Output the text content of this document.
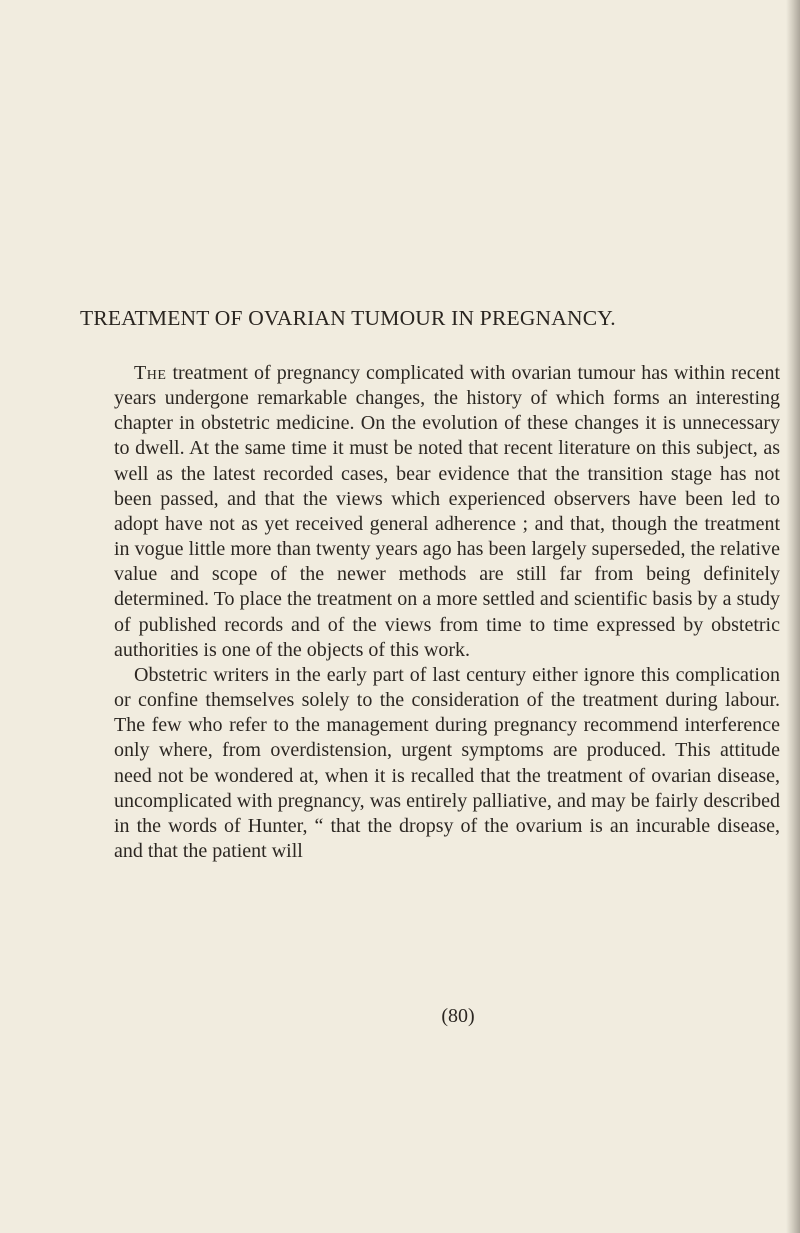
TREATMENT OF OVARIAN TUMOUR IN PREGNANCY.

The treatment of pregnancy complicated with ovarian tumour has within recent years undergone remarkable changes, the history of which forms an interesting chapter in obstetric medicine. On the evolution of these changes it is unnecessary to dwell. At the same time it must be noted that recent literature on this subject, as well as the latest recorded cases, bear evidence that the transition stage has not been passed, and that the views which experienced observers have been led to adopt have not as yet received general adherence ; and that, though the treatment in vogue little more than twenty years ago has been largely superseded, the relative value and scope of the newer methods are still far from being definitely determined. To place the treatment on a more settled and scientific basis by a study of published records and of the views from time to time expressed by obstetric authorities is one of the objects of this work.

Obstetric writers in the early part of last century either ignore this complication or confine themselves solely to the consideration of the treatment during labour. The few who refer to the management during pregnancy recommend interference only where, from overdistension, urgent symptoms are produced. This attitude need not be wondered at, when it is recalled that the treatment of ovarian disease, uncomplicated with pregnancy, was entirely palliative, and may be fairly described in the words of Hunter, “ that the dropsy of the ovarium is an incurable disease, and that the patient will

(80)
